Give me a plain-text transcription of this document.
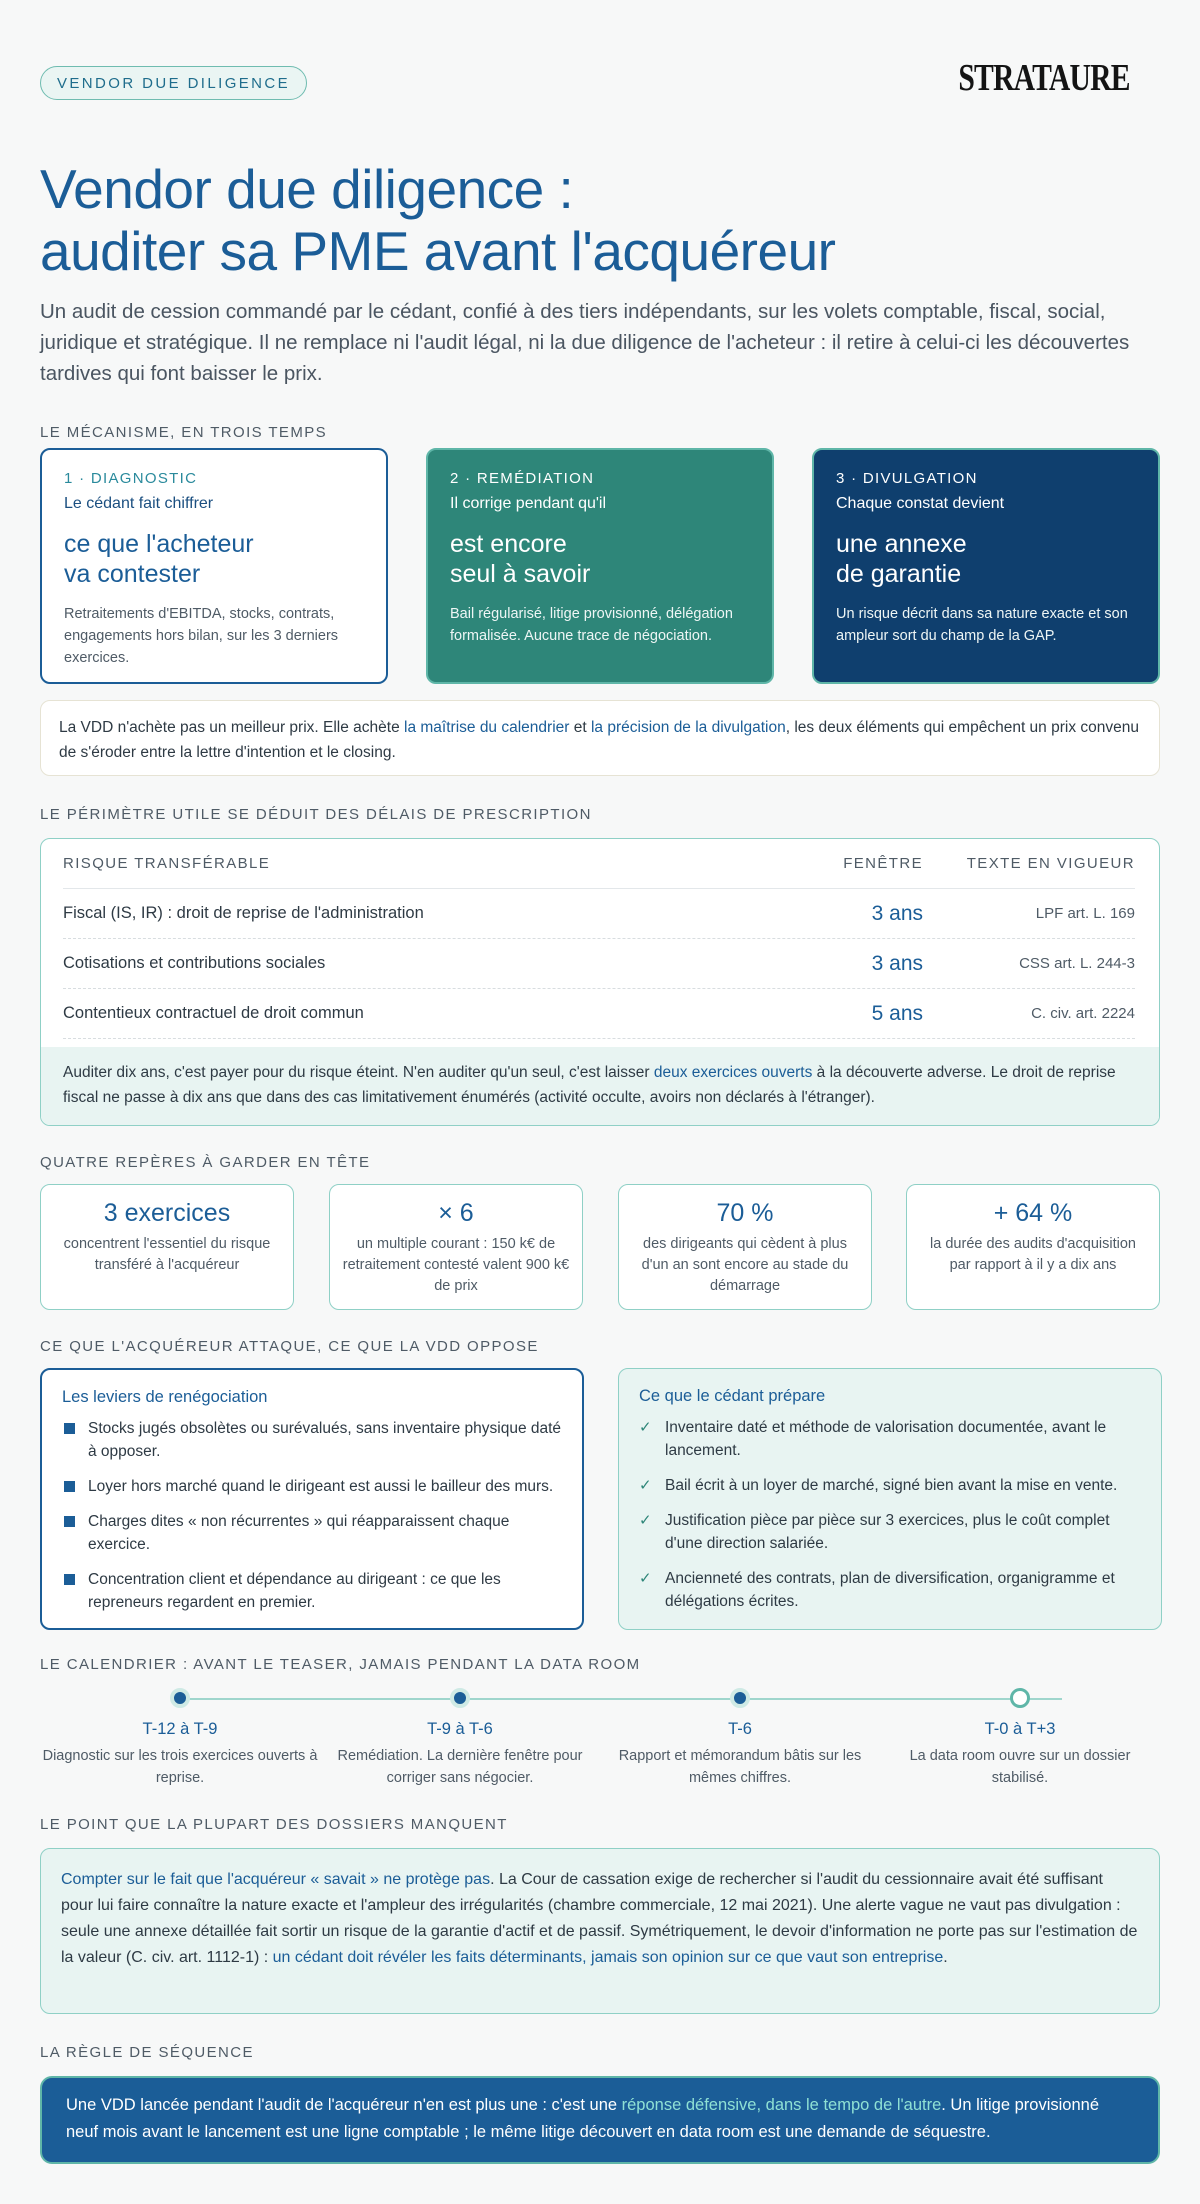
VENDOR DUE DILIGENCE	STRATAURE
Vendor due diligence :
auditer sa PME avant l'acquéreur

Un audit de cession commandé par le cédant, confié à des tiers indépendants, sur les volets comptable, fiscal, social, juridique et stratégique. Il ne remplace ni l'audit légal, ni la due diligence de l'acheteur : il retire à celui-ci les découvertes tardives qui font baisser le prix.

LE MÉCANISME, EN TROIS TEMPS
1 · DIAGNOSTIC
Le cédant fait chiffrer
ce que l'acheteur
va contester
Retraitements d'EBITDA, stocks, contrats, engagements hors bilan, sur les 3 derniers exercices.
2 · REMÉDIATION
Il corrige pendant qu'il
est encore
seul à savoir
Bail régularisé, litige provisionné, délégation formalisée. Aucune trace de négociation.
3 · DIVULGATION
Chaque constat devient
une annexe
de garantie
Un risque décrit dans sa nature exacte et son ampleur sort du champ de la GAP.
La VDD n'achète pas un meilleur prix. Elle achète la maîtrise du calendrier et la précision de la divulgation, les deux éléments qui empêchent un prix convenu de s'éroder entre la lettre d'intention et le closing.
LE PÉRIMÈTRE UTILE SE DÉDUIT DES DÉLAIS DE PRESCRIPTION
RISQUE TRANSFÉRABLE	FENÊTRE	TEXTE EN VIGUEUR
Fiscal (IS, IR) : droit de reprise de l'administration	3 ans	LPF art. L. 169
Cotisations et contributions sociales	3 ans	CSS art. L. 244-3
Contentieux contractuel de droit commun	5 ans	C. civ. art. 2224
Auditer dix ans, c'est payer pour du risque éteint. N'en auditer qu'un seul, c'est laisser deux exercices ouverts à la découverte adverse. Le droit de reprise fiscal ne passe à dix ans que dans des cas limitativement énumérés (activité occulte, avoirs non déclarés à l'étranger).
QUATRE REPÈRES À GARDER EN TÊTE
3 exercices
concentrent l'essentiel du risque transféré à l'acquéreur
× 6
un multiple courant : 150 k€ de retraitement contesté valent 900 k€ de prix
70 %
des dirigeants qui cèdent à plus d'un an sont encore au stade du démarrage
+ 64 %
la durée des audits d'acquisition par rapport à il y a dix ans
CE QUE L'ACQUÉREUR ATTAQUE, CE QUE LA VDD OPPOSE
Les leviers de renégociation
Stocks jugés obsolètes ou surévalués, sans inventaire physique daté à opposer.
Loyer hors marché quand le dirigeant est aussi le bailleur des murs.
Charges dites « non récurrentes » qui réapparaissent chaque exercice.
Concentration client et dépendance au dirigeant : ce que les repreneurs regardent en premier.
Ce que le cédant prépare
✓ Inventaire daté et méthode de valorisation documentée, avant le lancement.
✓ Bail écrit à un loyer de marché, signé bien avant la mise en vente.
✓ Justification pièce par pièce sur 3 exercices, plus le coût complet d'une direction salariée.
✓ Ancienneté des contrats, plan de diversification, organigramme et délégations écrites.
LE CALENDRIER : AVANT LE TEASER, JAMAIS PENDANT LA DATA ROOM
T-12 à T-9
Diagnostic sur les trois exercices ouverts à reprise.
T-9 à T-6
Remédiation. La dernière fenêtre pour corriger sans négocier.
T-6
Rapport et mémorandum bâtis sur les mêmes chiffres.
T-0 à T+3
La data room ouvre sur un dossier stabilisé.
LE POINT QUE LA PLUPART DES DOSSIERS MANQUENT
Compter sur le fait que l'acquéreur « savait » ne protège pas. La Cour de cassation exige de rechercher si l'audit du cessionnaire avait été suffisant pour lui faire connaître la nature exacte et l'ampleur des irrégularités (chambre commerciale, 12 mai 2021). Une alerte vague ne vaut pas divulgation : seule une annexe détaillée fait sortir un risque de la garantie d'actif et de passif. Symétriquement, le devoir d'information ne porte pas sur l'estimation de la valeur (C. civ. art. 1112-1) : un cédant doit révéler les faits déterminants, jamais son opinion sur ce que vaut son entreprise.
LA RÈGLE DE SÉQUENCE
Une VDD lancée pendant l'audit de l'acquéreur n'en est plus une : c'est une réponse défensive, dans le tempo de l'autre. Un litige provisionné neuf mois avant le lancement est une ligne comptable ; le même litige découvert en data room est une demande de séquestre.
